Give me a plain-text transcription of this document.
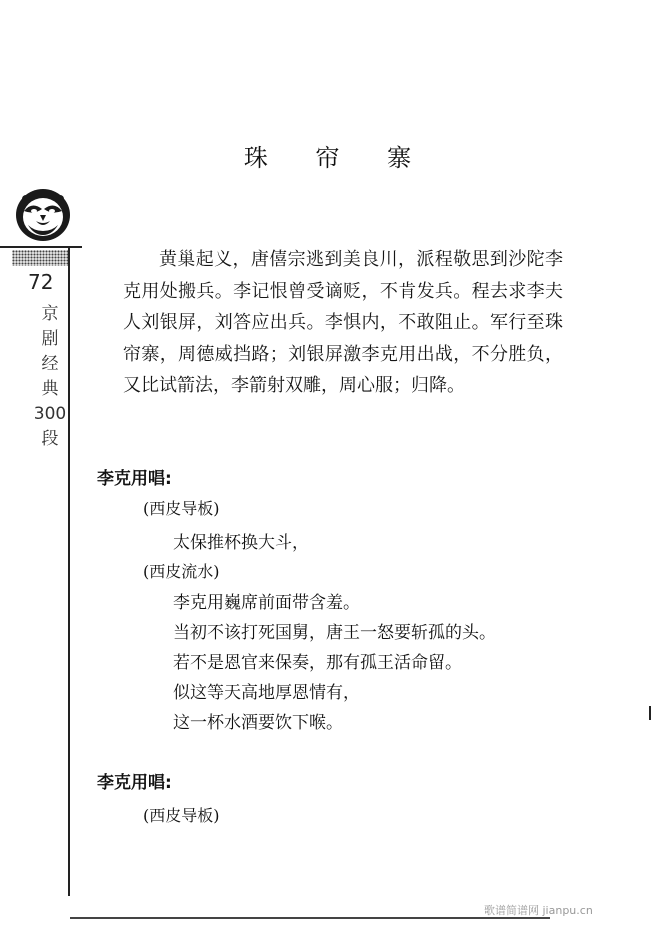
72
京
剧
经
典
300
段
珠 帘 寨

黄巢起义，唐僖宗逃到美良川，派程敬思到沙陀李克用处搬兵。李记恨曾受谪贬，不肯发兵。程去求李夫人刘银屏，刘答应出兵。李惧内，不敢阻止。军行至珠帘寨，周德威挡路；刘银屏激李克用出战，不分胜负，又比试箭法，李箭射双雕，周心服；归降。

李克用唱:
(西皮导板)
太保推杯换大斗，
(西皮流水)
李克用巍席前面带含羞。
当初不该打死国舅，唐王一怒要斩孤的头。
若不是恩官来保奏，那有孤王活命留。
似这等天高地厚恩情有，
这一杯水酒要饮下喉。
李克用唱:
(西皮导板)
歌谱简谱网 jianpu.cn
